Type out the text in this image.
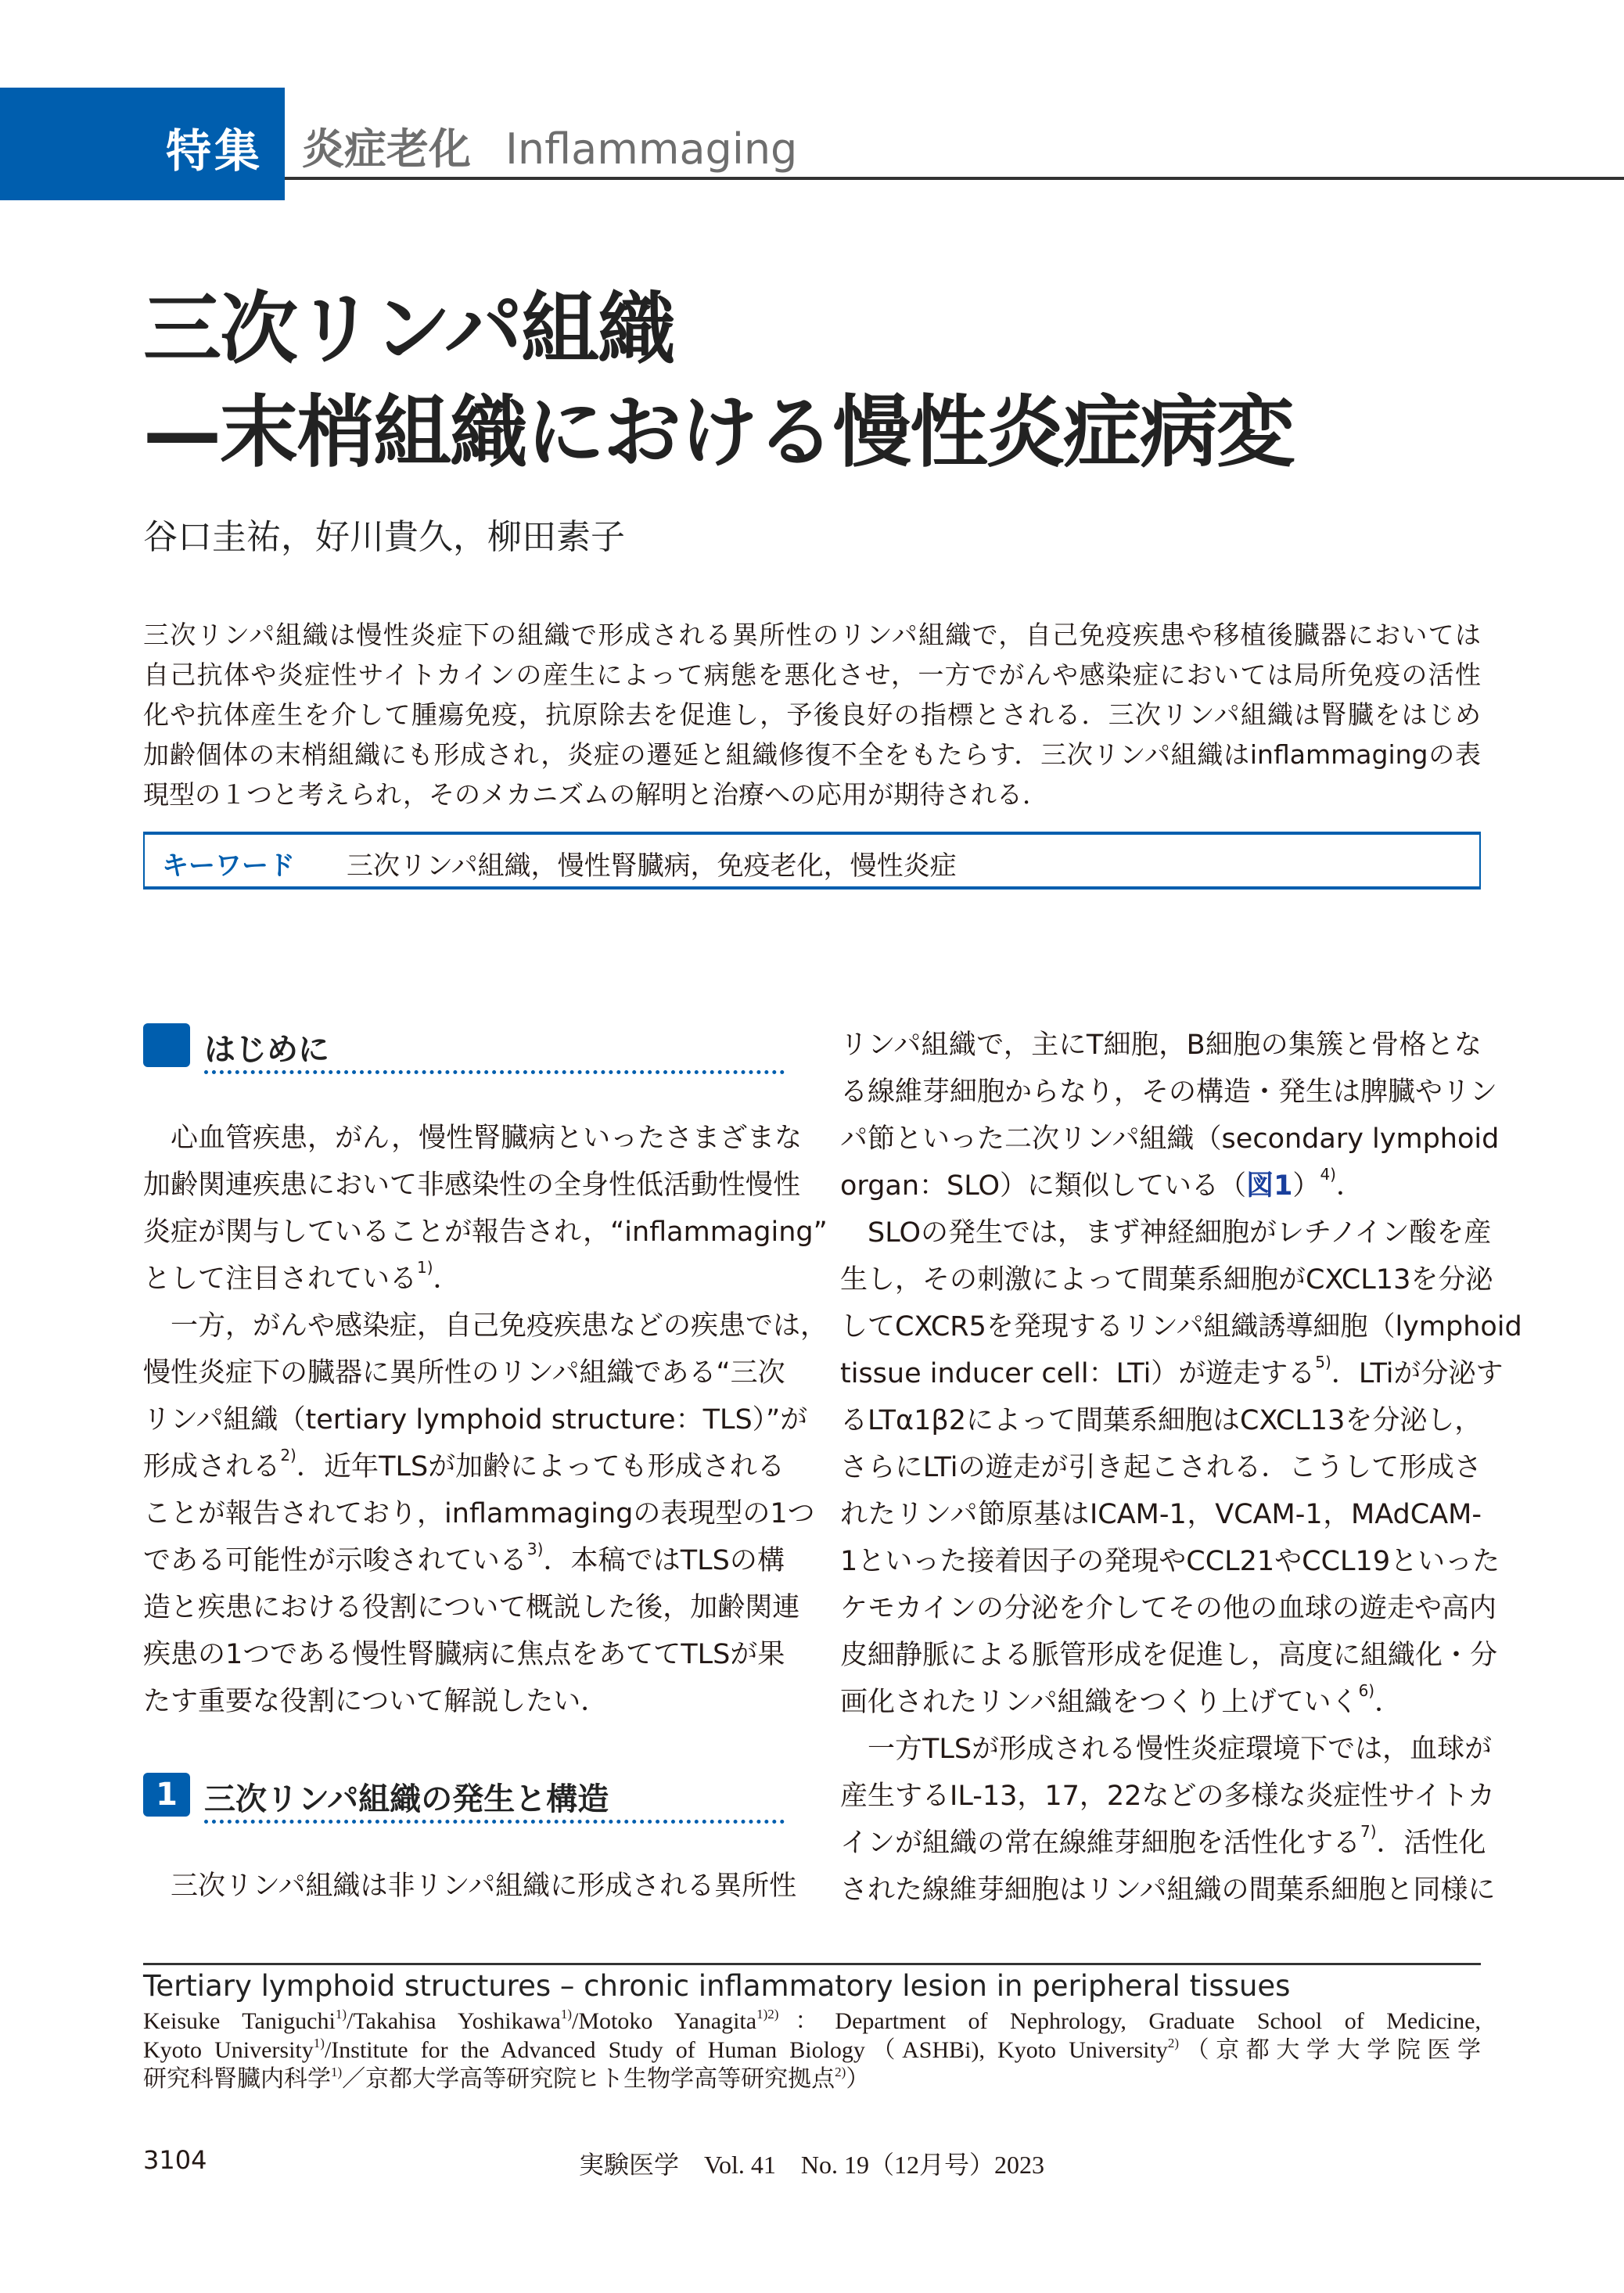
特集 炎症老化 Inflammaging
三次リンパ組織
—末梢組織における慢性炎症病変
谷口圭祐，好川貴久，柳田素子
三次リンパ組織は慢性炎症下の組織で形成される異所性のリンパ組織で，自己免疫疾患や移植後臓器においては
自己抗体や炎症性サイトカインの産生によって病態を悪化させ，一方でがんや感染症においては局所免疫の活性
化や抗体産生を介して腫瘍免疫，抗原除去を促進し，予後良好の指標とされる．三次リンパ組織は腎臓をはじめ
加齢個体の末梢組織にも形成され，炎症の遷延と組織修復不全をもたらす．三次リンパ組織はinflammagingの表
現型の１つと考えられ，そのメカニズムの解明と治療への応用が期待される．
キーワード 三次リンパ組織，慢性腎臓病，免疫老化，慢性炎症
はじめに
心血管疾患，がん，慢性腎臓病といったさまざまな
加齢関連疾患において非感染性の全身性低活動性慢性
炎症が関与していることが報告され，“inflammaging”
として注目されている$^{1)}$．
一方，がんや感染症，自己免疫疾患などの疾患では，
慢性炎症下の臓器に異所性のリンパ組織である“三次
リンパ組織（tertiary lymphoid structure：TLS）”が
形成される$^{2)}$．近年TLSが加齢によっても形成される
ことが報告されており，inflammagingの表現型の1つ
である可能性が示唆されている$^{3)}$．本稿ではTLSの構
造と疾患における役割について概説した後，加齢関連
疾患の1つである慢性腎臓病に焦点をあててTLSが果
たす重要な役割について解説したい．
1 三次リンパ組織の発生と構造
三次リンパ組織は非リンパ組織に形成される異所性
リンパ組織で，主にT細胞，B細胞の集簇と骨格とな
る線維芽細胞からなり，その構造・発生は脾臓やリン
パ節といった二次リンパ組織（secondary lymphoid
organ：SLO）に類似している（図1）$^{4)}$．
SLOの発生では，まず神経細胞がレチノイン酸を産
生し，その刺激によって間葉系細胞がCXCL13を分泌
してCXCR5を発現するリンパ組織誘導細胞（lymphoid
tissue inducer cell：LTi）が遊走する$^{5)}$．LTiが分泌す
るLTα1β2によって間葉系細胞はCXCL13を分泌し，
さらにLTiの遊走が引き起こされる．こうして形成さ
れたリンパ節原基はICAM-1，VCAM-1，MAdCAM-
1といった接着因子の発現やCCL21やCCL19といった
ケモカインの分泌を介してその他の血球の遊走や高内
皮細静脈による脈管形成を促進し，高度に組織化・分
画化されたリンパ組織をつくり上げていく$^{6)}$．
一方TLSが形成される慢性炎症環境下では，血球が
産生するIL-13，17，22などの多様な炎症性サイトカ
インが組織の常在線維芽細胞を活性化する$^{7)}$．活性化
された線維芽細胞はリンパ組織の間葉系細胞と同様に
Tertiary lymphoid structures – chronic inflammatory lesion in peripheral tissues
Keisuke Taniguchi$^{1)}$/Takahisa Yoshikawa$^{1)}$/Motoko Yanagita$^{1)2)}$：Department of Nephrology, Graduate School of Medicine,
Kyoto University$^{1)}$/Institute for the Advanced Study of Human Biology（ASHBi), Kyoto University$^{2)}$（京都大学大学院医学
研究科腎臓内科学$^{1)}$／京都大学高等研究院ヒト生物学高等研究拠点$^{2)}$）
3104	実験医学　Vol. 41　No. 19（12月号）2023
